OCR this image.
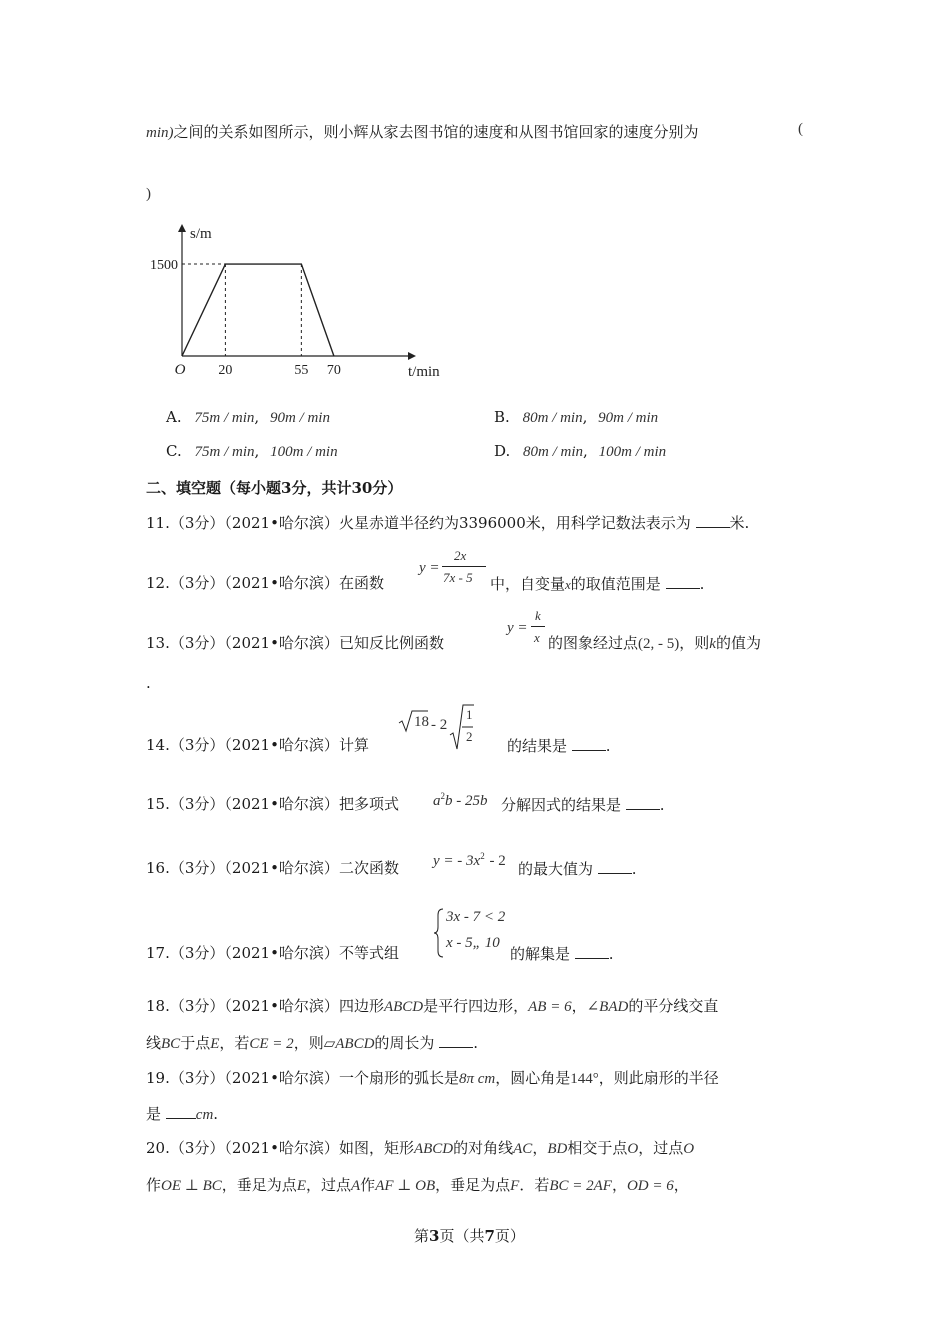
min)之间的关系如图所示，则小辉从家去图书馆的速度和从图书馆回家的速度分别为	(
)
O 20	55 70
1500
t/min
s/m
A. 75m / min, 90m / min	B. 80m / min, 90m / min
C. 75m / min, 100m / min	D. 80m / min, 100m / min
二、填空题（每小题3分，共计30分）
11.（3分）（2021•哈尔滨）火星赤道半径约为3396000米，用科学记数法表示为	米.
12.（3分）（2021•哈尔滨）在函数
y =
2x
7x - 5 中，自变量x的取值范围是	.
13.（3分）（2021•哈尔滨）已知反比例函数
y =
k
x 的图象经过点(2, - 5)，则k的值为
.
14.（3分）（2021•哈尔滨）计算
18 - 2
1
2
的结果是	.
15.（3分）（2021•哈尔滨）把多项式 $a^2b - 25b$ 分解因式的结果是	.
16.（3分）（2021•哈尔滨）二次函数 y = - $3x^2 - 2$ 的最大值为	.
17.（3分）（2021•哈尔滨）不等式组
3x - 7 < 2
x - 5„ 10
的解集是	.
18.（3分）（2021•哈尔滨）四边形ABCD是平行四边形，AB = 6，∠BAD的平分线交直
线BC于点E，若CE = 2，则▱ABCD的周长为	.
19.（3分）（2021•哈尔滨）一个扇形的弧长是8π cm，圆心角是144°，则此扇形的半径
是 cm.
20.（3分）（2021•哈尔滨）如图，矩形ABCD的对角线AC，BD相交于点O，过点O
作OE ⊥ BC，垂足为点E，过点A作AF ⊥ OB，垂足为点F．若BC = 2AF，OD = 6，
第3页（共7页）
